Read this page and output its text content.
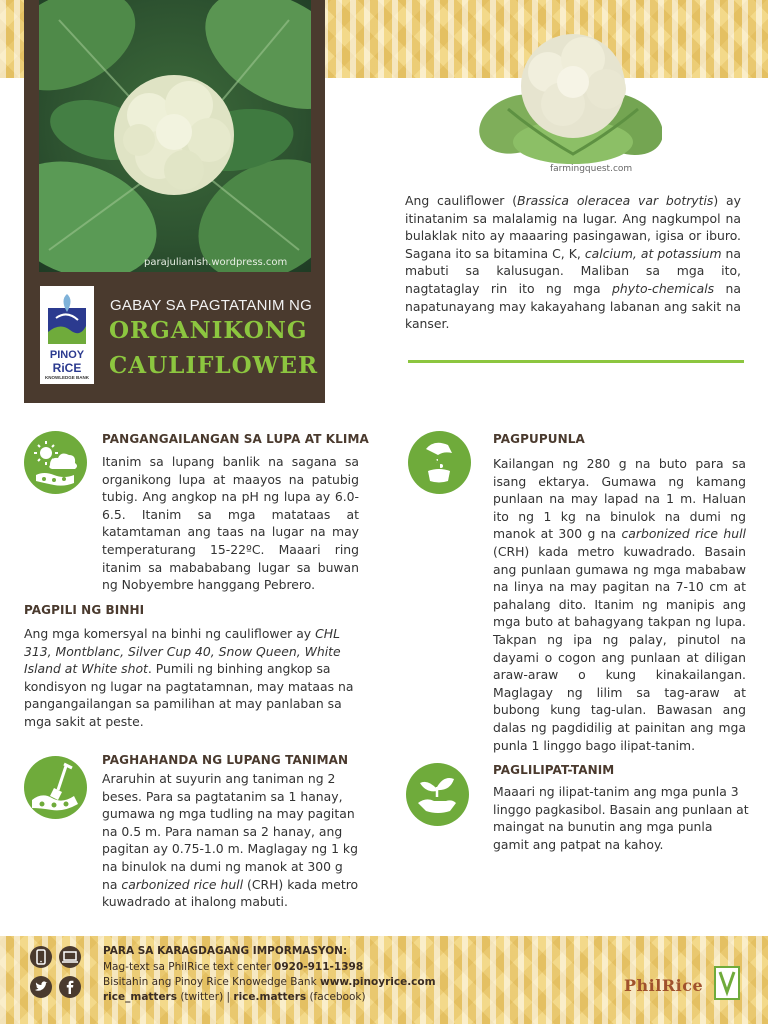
parajulianish.wordpress.com
PINOY
RiCE
KNOWLEDGE BANK
GABAY SA PAGTATANIM NG
ORGANIKONG
CAULIFLOWER
farmingquest.com
Ang cauliflower (Brassica oleracea var botrytis) ay itinatanim sa malalamig na lugar. Ang nagkumpol na bulaklak nito ay maaaring pasingawan, igisa or iburo. Sagana ito sa bitamina C, K, calcium, at potassium na mabuti sa kalusugan. Maliban sa mga ito, nagtataglay rin ito ng mga phyto-chemicals na napatunayang may kakayahang labanan ang sakit na kanser.
PANGANGAILANGAN SA LUPA AT KLIMA
Itanim sa lupang banlik na sagana sa organikong lupa at maayos na patubig tubig. Ang angkop na pH ng lupa ay 6.0-6.5. Itanim sa mga matataas at katamtaman ang taas na lugar na may temperaturang 15-22ºC. Maaari ring itanim sa mabababang lugar sa buwan ng Nobyembre hanggang Pebrero.
PAGPILI NG BINHI
Ang mga komersyal na binhi ng cauliflower ay CHL 313, Montblanc, Silver Cup 40, Snow Queen, White Island at White shot. Pumili ng binhing angkop sa kondisyon ng lugar na pagtatamnan, may mataas na pangangailangan sa pamilihan at may panlaban sa mga sakit at peste.
PAGHAHANDA NG LUPANG TANIMAN
Araruhin at suyurin ang taniman ng 2 beses. Para sa pagtatanim sa 1 hanay, gumawa ng mga tudling na may pagitan na 0.5 m. Para naman sa 2 hanay, ang pagitan ay 0.75-1.0 m. Maglagay ng 1 kg na binulok na dumi ng manok at 300 g na carbonized rice hull (CRH) kada metro kuwadrado at ihalong mabuti.
PAGPUPUNLA
Kailangan ng 280 g na buto para sa isang ektarya. Gumawa ng kamang punlaan na may lapad na 1 m. Haluan ito ng 1 kg na binulok na dumi ng manok at 300 g na carbonized rice hull (CRH) kada metro kuwadrado. Basain ang punlaan gumawa ng mga mababaw na linya na may pagitan na 7-10 cm at pahalang dito. Itanim ng manipis ang mga buto at bahagyang takpan ng lupa. Takpan ng ipa ng palay, pinutol na dayami o cogon ang punlaan at diligan araw-araw o kung kinakailangan. Maglagay ng lilim sa tag-araw at bubong kung tag-ulan. Bawasan ang dalas ng pagdidilig at painitan ang mga punla 1 linggo bago ilipat-tanim.
PAGLILIPAT-TANIM
Maaari ng ilipat-tanim ang mga punla 3 linggo pagkasibol. Basain ang punlaan at maingat na bunutin ang mga punla gamit ang patpat na kahoy.
PARA SA KARAGDAGANG IMPORMASYON:
Mag-text sa PhilRice text center 0920-911-1398
Bisitahin ang Pinoy Rice Knowedge Bank www.pinoyrice.com
rice_matters (twitter) | rice.matters (facebook)
PhilRice
